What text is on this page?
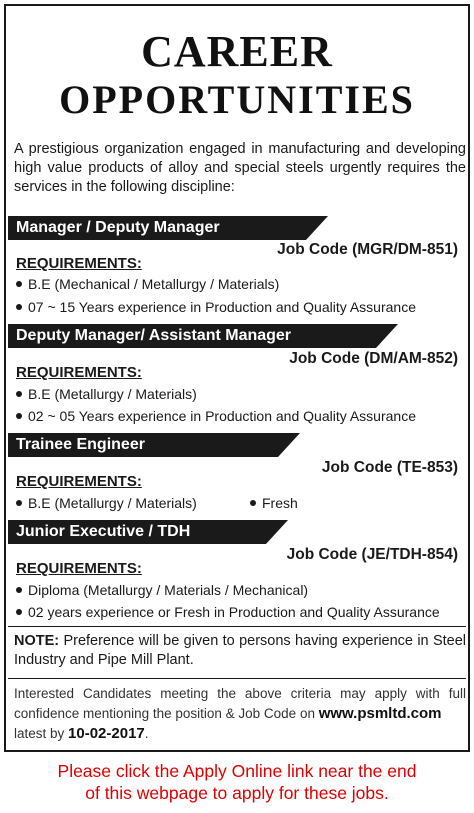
CAREER
OPPORTUNITIES
A prestigious organization engaged in manufacturing and developing high value products of alloy and special steels urgently requires the services in the following discipline:
Manager / Deputy Manager
Job Code (MGR/DM-851)
REQUIREMENTS:
B.E (Mechanical / Metallurgy / Materials)
07 ~ 15 Years experience in Production and Quality Assurance
Deputy Manager/ Assistant Manager
Job Code (DM/AM-852)
REQUIREMENTS:
B.E (Metallurgy / Materials)
02 ~ 05 Years experience in Production and Quality Assurance
Trainee Engineer
Job Code (TE-853)
REQUIREMENTS:
B.E (Metallurgy / Materials)	Fresh
Junior Executive / TDH
Job Code (JE/TDH-854)
REQUIREMENTS:
Diploma (Metallurgy / Materials / Mechanical)
02 years experience or Fresh in Production and Quality Assurance
NOTE: Preference will be given to persons having experience in Steel Industry and Pipe Mill Plant.
Interested Candidates meeting the above criteria may apply with full confidence mentioning the position & Job Code on www.psmltd.com
latest by 10-02-2017.
Please click the Apply Online link near the end
of this webpage to apply for these jobs.
